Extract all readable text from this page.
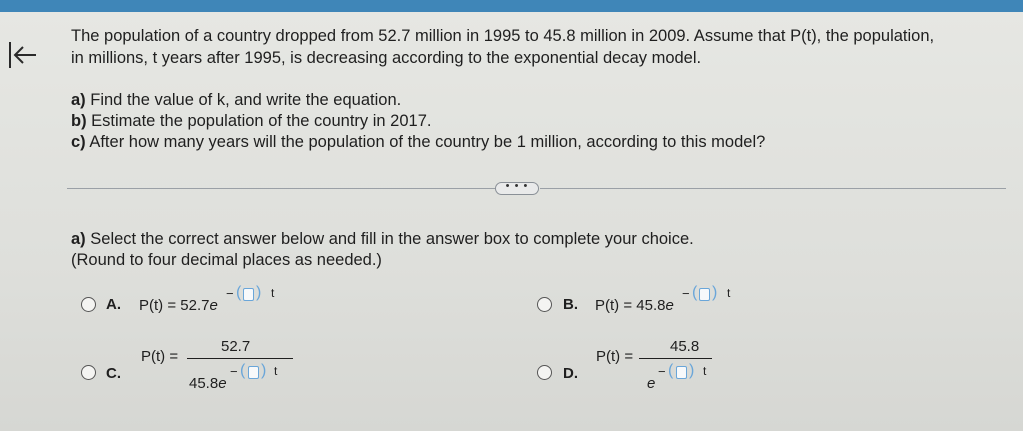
The population of a country dropped from 52.7 million in 1995 to 45.8 million in 2009. Assume that P(t), the population,
in millions, t years after 1995, is decreasing according to the exponential decay model.
a) Find the value of k, and write the equation.
b) Estimate the population of the country in 2017.
c) After how many years will the population of the country be 1 million, according to this model?
• • •
a) Select the correct answer below and fill in the answer box to complete your choice.
(Round to four decimal places as needed.)
A. P(t) = 52.7e
− ( ) t
B. P(t) = 45.8e
− ( ) t
C.
P(t) =
52.7
45.8e
− ( ) t	D.
P(t) =
45.8
e
− ( ) t
